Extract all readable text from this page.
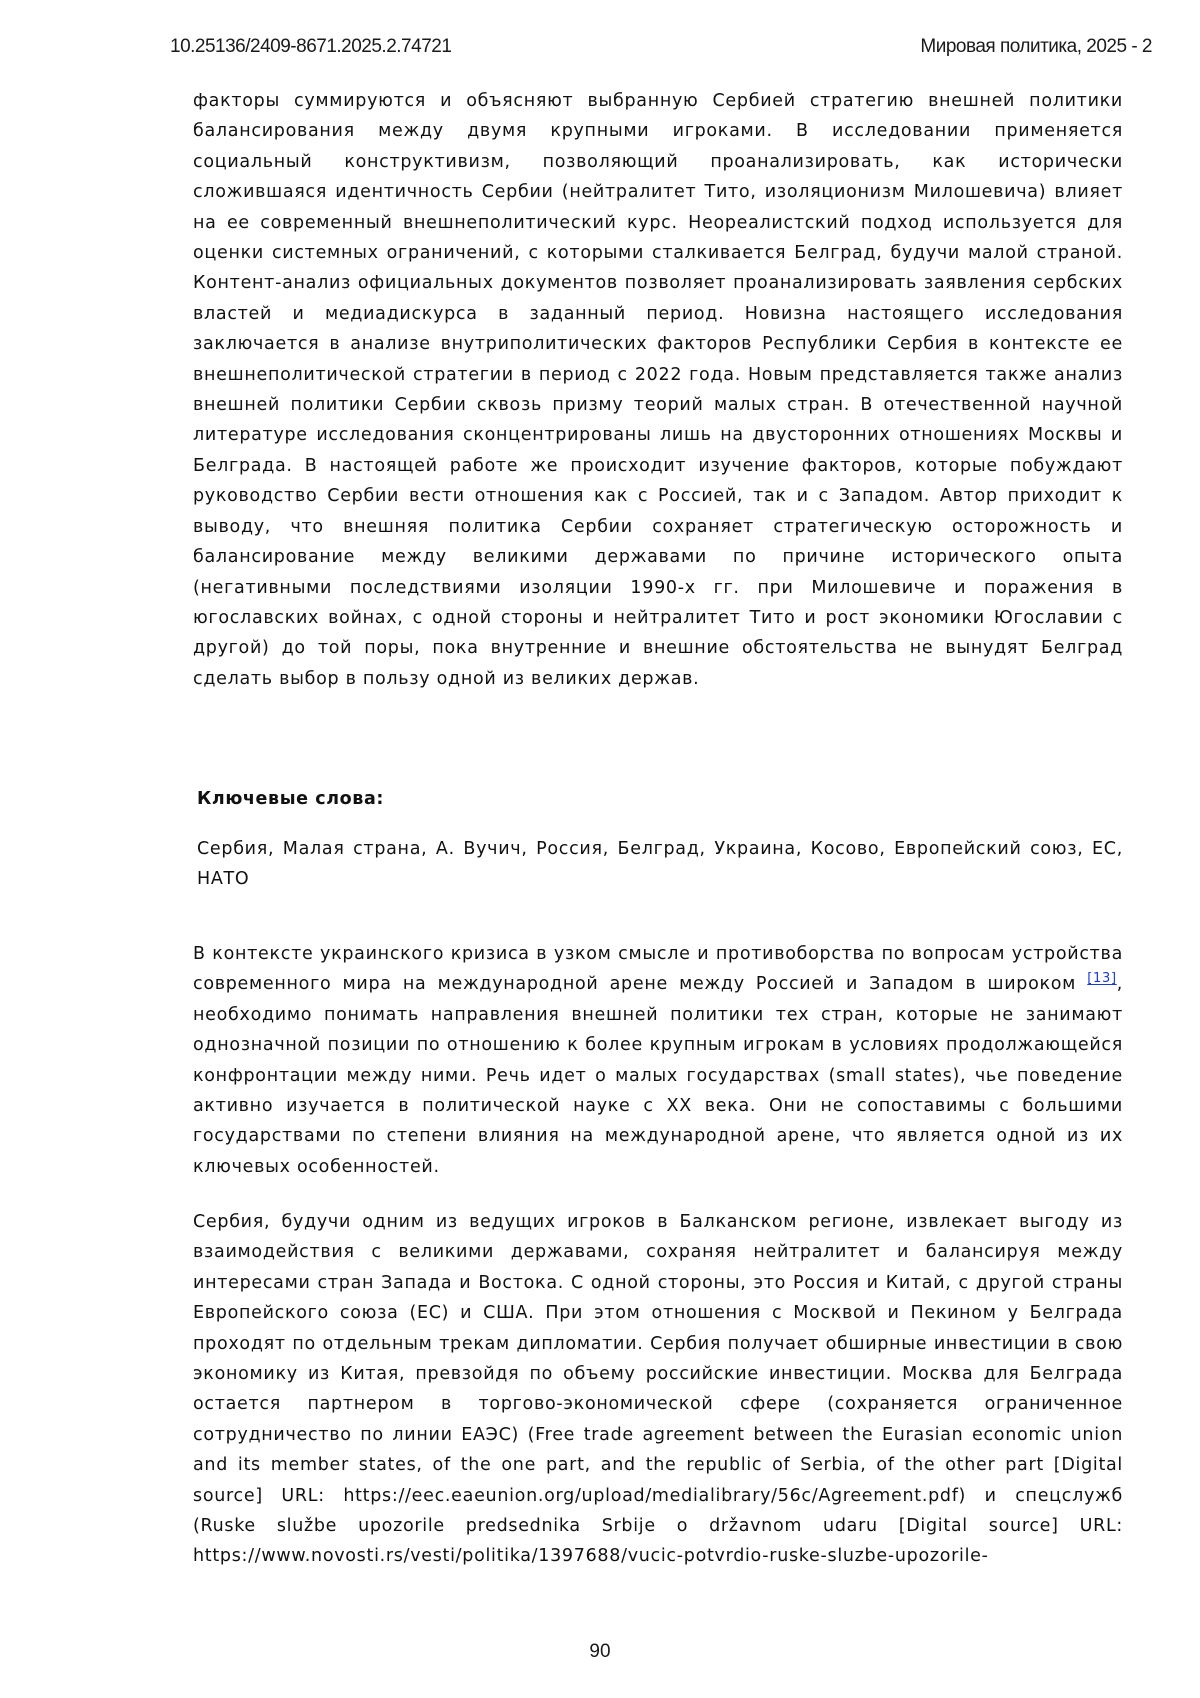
10.25136/2409-8671.2025.2.74721	Мировая политика, 2025 - 2

факторы суммируются и объясняют выбранную Сербией стратегию внешней политики балансирования между двумя крупными игроками. В исследовании применяется социальный конструктивизм, позволяющий проанализировать, как исторически сложившаяся идентичность Сербии (нейтралитет Тито, изоляционизм Милошевича) влияет на ее современный внешнеполитический курс. Неореалистский подход используется для оценки системных ограничений, с которыми сталкивается Белград, будучи малой страной. Контент-анализ официальных документов позволяет проанализировать заявления сербских властей и медиадискурса в заданный период. Новизна настоящего исследования заключается в анализе внутриполитических факторов Республики Сербия в контексте ее внешнеполитической стратегии в период с 2022 года. Новым представляется также анализ внешней политики Сербии сквозь призму теорий малых стран. В отечественной научной литературе исследования сконцентрированы лишь на двусторонних отношениях Москвы и Белграда. В настоящей работе же происходит изучение факторов, которые побуждают руководство Сербии вести отношения как с Россией, так и с Западом. Автор приходит к выводу, что внешняя политика Сербии сохраняет стратегическую осторожность и балансирование между великими державами по причине исторического опыта (негативными последствиями изоляции 1990-х гг. при Милошевиче и поражения в югославских войнах, с одной стороны и нейтралитет Тито и рост экономики Югославии с другой) до той поры, пока внутренние и внешние обстоятельства не вынудят Белград сделать выбор в пользу одной из великих держав.

Ключевые слова:

Сербия, Малая страна, А. Вучич, Россия, Белград, Украина, Косово, Европейский союз, ЕС, НАТО

В контексте украинского кризиса в узком смысле и противоборства по вопросам устройства современного мира на международной арене между Россией и Западом в широком [13], необходимо понимать направления внешней политики тех стран, которые не занимают однозначной позиции по отношению к более крупным игрокам в условиях продолжающейся конфронтации между ними. Речь идет о малых государствах (small states), чье поведение активно изучается в политической науке с XX века. Они не сопоставимы с большими государствами по степени влияния на международной арене, что является одной из их ключевых особенностей.

Сербия, будучи одним из ведущих игроков в Балканском регионе, извлекает выгоду из взаимодействия с великими державами, сохраняя нейтралитет и балансируя между интересами стран Запада и Востока. С одной стороны, это Россия и Китай, с другой страны Европейского союза (ЕС) и США. При этом отношения с Москвой и Пекином у Белграда проходят по отдельным трекам дипломатии. Сербия получает обширные инвестиции в свою экономику из Китая, превзойдя по объему российские инвестиции. Москва для Белграда остается партнером в торгово-экономической сфере (сохраняется ограниченное сотрудничество по линии ЕАЭС) (Free trade agreement between the Eurasian economic union and its member states, of the one part, and the republic of Serbia, of the other part [Digital source] URL: https://eec.eaeunion.org/upload/medialibrary/56c/Agreement.pdf) и спецслужб (Ruske službe upozorile predsednika Srbije o državnom udaru [Digital source] URL: https://www.novosti.rs/vesti/politika/1397688/vucic-potvrdio-ruske-sluzbe-upozorile-

90
